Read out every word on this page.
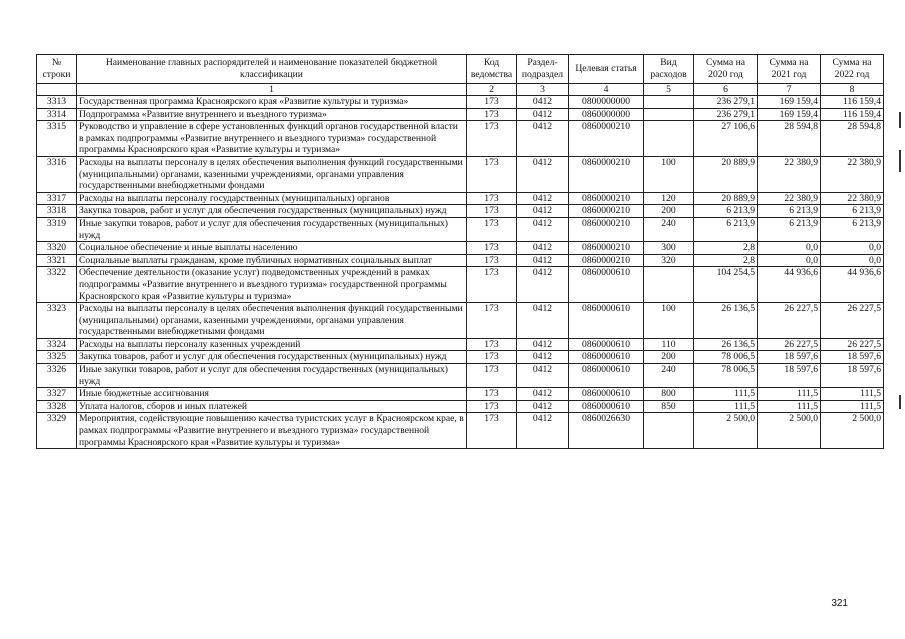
№ строки	Наименование главных распорядителей и наименование показателей бюджетной классификации	Код ведомства	Раздел-подраздел	Целевая статья	Вид расходов	Сумма на 2020 год	Сумма на 2021 год	Сумма на 2022 год
	1	2	3	4	5	6	7	8
3313	Государственная программа Красноярского края «Развитие культуры и туризма»	173	0412	0800000000		236 279,1	169 159,4	116 159,4
3314	Подпрограмма «Развитие внутреннего и въездного туризма»	173	0412	0860000000		236 279,1	169 159,4	116 159,4
3315	Руководство и управление в сфере установленных функций органов государственной власти в рамках подпрограммы «Развитие внутреннего и въездного туризма» государственной программы Красноярского края «Развитие культуры и туризма»	173	0412	0860000210		27 106,6	28 594,8	28 594,8
3316	Расходы на выплаты персоналу в целях обеспечения выполнения функций государственными (муниципальными) органами, казенными учреждениями, органами управления государственными внебюджетными фондами	173	0412	0860000210	100	20 889,9	22 380,9	22 380,9
3317	Расходы на выплаты персоналу государственных (муниципальных) органов	173	0412	0860000210	120	20 889,9	22 380,9	22 380,9
3318	Закупка товаров, работ и услуг для обеспечения государственных (муниципальных) нужд	173	0412	0860000210	200	6 213,9	6 213,9	6 213,9
3319	Иные закупки товаров, работ и услуг для обеспечения государственных (муниципальных) нужд	173	0412	0860000210	240	6 213,9	6 213,9	6 213,9
3320	Социальное обеспечение и иные выплаты населению	173	0412	0860000210	300	2,8	0,0	0,0
3321	Социальные выплаты гражданам, кроме публичных нормативных социальных выплат	173	0412	0860000210	320	2,8	0,0	0,0
3322	Обеспечение деятельности (оказание услуг) подведомственных учреждений в рамках подпрограммы «Развитие внутреннего и въездного туризма» государственной программы Красноярского края «Развитие культуры и туризма»	173	0412	0860000610		104 254,5	44 936,6	44 936,6
3323	Расходы на выплаты персоналу в целях обеспечения выполнения функций государственными (муниципальными) органами, казенными учреждениями, органами управления государственными внебюджетными фондами	173	0412	0860000610	100	26 136,5	26 227,5	26 227,5
3324	Расходы на выплаты персоналу казенных учреждений	173	0412	0860000610	110	26 136,5	26 227,5	26 227,5
3325	Закупка товаров, работ и услуг для обеспечения государственных (муниципальных) нужд	173	0412	0860000610	200	78 006,5	18 597,6	18 597,6
3326	Иные закупки товаров, работ и услуг для обеспечения государственных (муниципальных) нужд	173	0412	0860000610	240	78 006,5	18 597,6	18 597,6
3327	Иные бюджетные ассигнования	173	0412	0860000610	800	111,5	111,5	111,5
3328	Уплата налогов, сборов и иных платежей	173	0412	0860000610	850	111,5	111,5	111,5
3329	Мероприятия, содействующие повышению качества туристских услуг в Красноярском крае, в рамках подпрограммы «Развитие внутреннего и въездного туризма» государственной программы Красноярского края «Развитие культуры и туризма»	173	0412	0860026630		2 500,0	2 500,0	2 500,0
321
